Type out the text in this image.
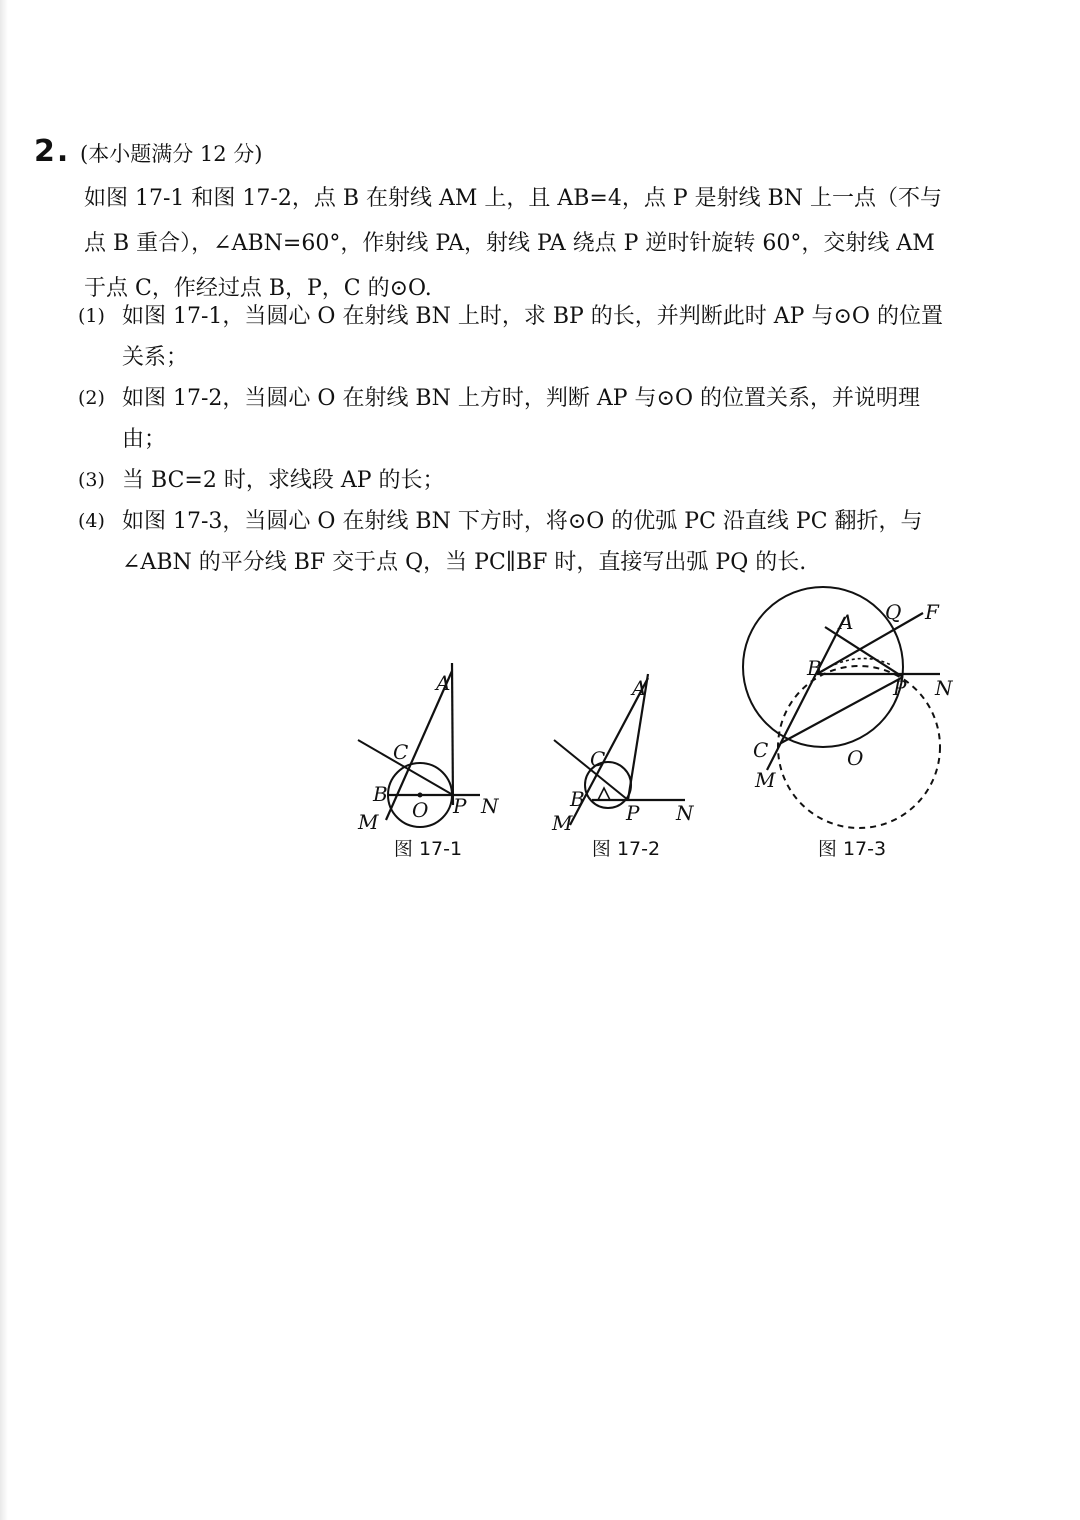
2. (本小题满分 12 分)

如图 17-1 和图 17-2，点 B 在射线 AM 上，且 AB=4，点 P 是射线 BN 上一点（不与点 B 重合），∠ABN=60°，作射线 PA，射线 PA 绕点 P 逆时针旋转 60°，交射线 AM 于点 C，作经过点 B，P，C 的⊙O.

(1) 如图 17-1，当圆心 O 在射线 BN 上时，求 BP 的长，并判断此时 AP 与⊙O 的位置关系；
(2) 如图 17-2，当圆心 O 在射线 BN 上方时，判断 AP 与⊙O 的位置关系，并说明理由；
(3) 当 BC=2 时，求线段 AP 的长；
(4) 如图 17-3，当圆心 O 在射线 BN 下方时，将⊙O 的优弧 PC 沿直线 PC 翻折，与∠ABN 的平分线 BF 交于点 Q，当 PC∥BF 时，直接写出弧 PQ 的长.
A
C
B
O P N
M
图 17-1
A
C
B
P N
M
图 17-2
Q F
A
B
P N
C
M
O
图 17-3
